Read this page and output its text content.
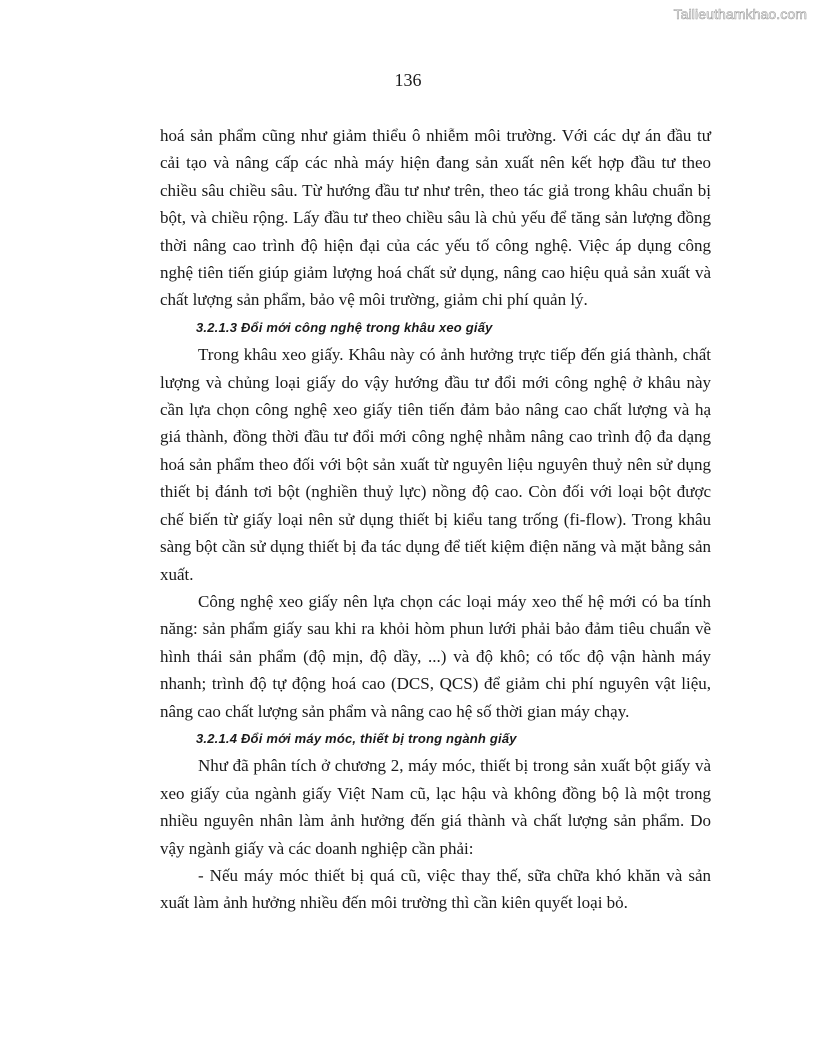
Tailieuthamkhao.com
136

hoá sản phẩm cũng như giảm thiểu ô nhiễm môi trường. Với các dự án đầu tư cải tạo và nâng cấp các nhà máy hiện đang sản xuất nên kết hợp đầu tư theo chiều sâu chiều sâu. Từ hướng đầu tư như trên, theo tác giả trong khâu chuẩn bị bột, và chiều rộng. Lấy đầu tư theo chiều sâu là chủ yếu để tăng sản lượng đồng thời nâng cao trình độ hiện đại của các yếu tố công nghệ. Việc áp dụng công nghệ tiên tiến giúp giảm lượng hoá chất sử dụng, nâng cao hiệu quả sản xuất và chất lượng sản phẩm, bảo vệ môi trường, giảm chi phí quản lý.

3.2.1.3 Đổi mới công nghệ trong khâu xeo giấy

Trong khâu xeo giấy. Khâu này có ảnh hưởng trực tiếp đến giá thành, chất lượng và chủng loại giấy do vậy hướng đầu tư đổi mới công nghệ ở khâu này cần lựa chọn công nghệ xeo giấy tiên tiến đảm bảo nâng cao chất lượng và hạ giá thành, đồng thời đầu tư đổi mới công nghệ nhằm nâng cao trình độ đa dạng hoá sản phẩm theo đối với bột sản xuất từ nguyên liệu nguyên thuỷ nên sử dụng thiết bị đánh tơi bột (nghiền thuỷ lực) nồng độ cao. Còn đối với loại bột được chế biến từ giấy loại nên sử dụng thiết bị kiểu tang trống (fi-flow). Trong khâu sàng bột cần sử dụng thiết bị đa tác dụng để tiết kiệm điện năng và mặt bằng sản xuất.

Công nghệ xeo giấy nên lựa chọn các loại máy xeo thế hệ mới có ba tính năng: sản phẩm giấy sau khi ra khỏi hòm phun lưới phải bảo đảm tiêu chuẩn về hình thái sản phẩm (độ mịn, độ dầy, ...) và độ khô; có tốc độ vận hành máy nhanh; trình độ tự động hoá cao (DCS, QCS) để giảm chi phí nguyên vật liệu, nâng cao chất lượng sản phẩm và nâng cao hệ số thời gian máy chạy.

3.2.1.4 Đổi mới máy móc, thiết bị trong ngành giấy

Như đã phân tích ở chương 2, máy móc, thiết bị trong sản xuất bột giấy và xeo giấy của ngành giấy Việt Nam cũ, lạc hậu và không đồng bộ là một trong nhiều nguyên nhân làm ảnh hưởng đến giá thành và chất lượng sản phẩm. Do vậy ngành giấy và các doanh nghiệp cần phải:

- Nếu máy móc thiết bị quá cũ, việc thay thế, sữa chữa khó khăn và sản xuất làm ảnh hưởng nhiều đến môi trường thì cần kiên quyết loại bỏ.
